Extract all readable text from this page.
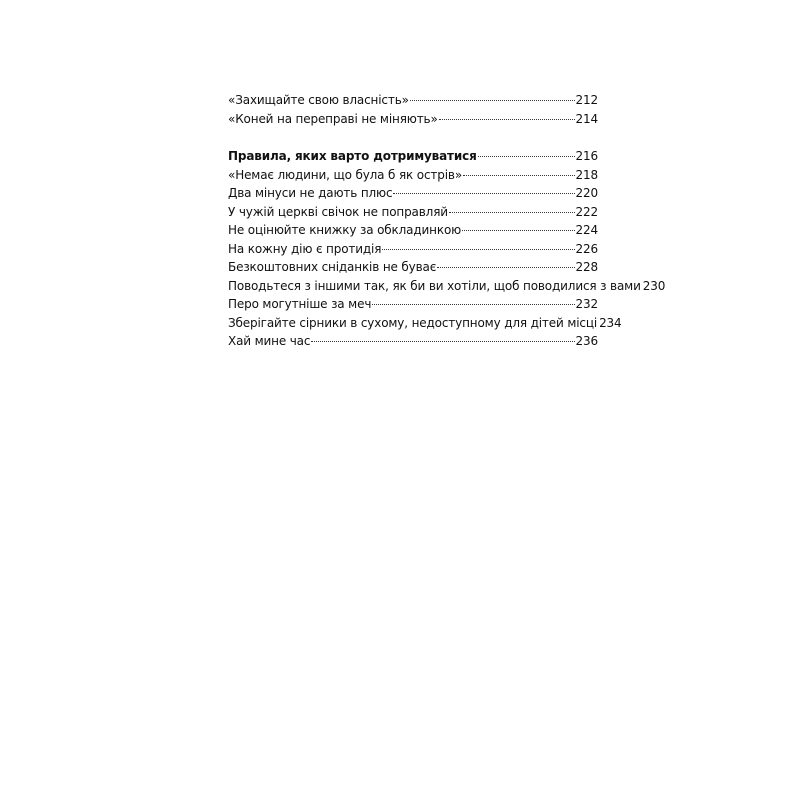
«Захищайте свою власність»	212
«Коней на переправі не міняють»	214
Правила, яких варто дотримуватися	216
«Немає людини, що була б як острів»	218
Два мінуси не дають плюс	220
У чужій церкві свічок не поправляй	222
Не оцінюйте книжку за обкладинкою	224
На кожну дію є протидія	226
Безкоштовних сніданків не буває	228
Поводьтеся з іншими так, як би ви хотіли, щоб поводилися з вами 230
Перо могутніше за меч	232
Зберігайте сірники в сухому, недоступному для дітей місці 234
Хай мине час	236
